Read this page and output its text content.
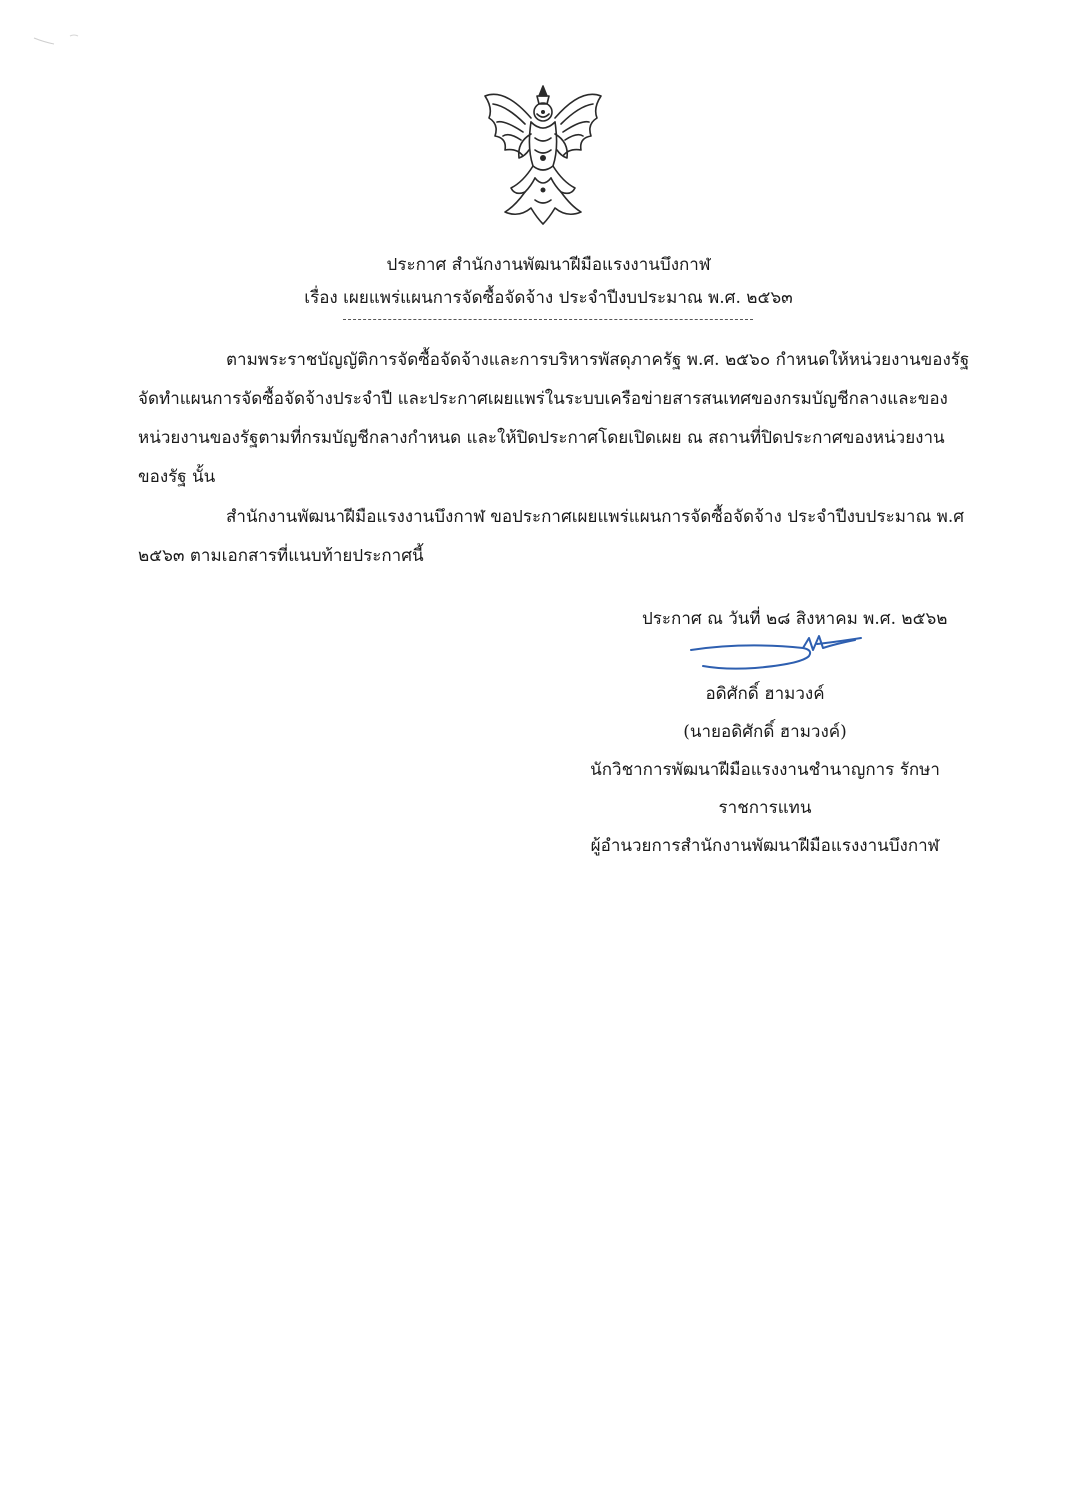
ประกาศ สำนักงานพัฒนาฝีมือแรงงานบึงกาฬ
เรื่อง เผยแพร่แผนการจัดซื้อจัดจ้าง ประจำปีงบประมาณ พ.ศ. ๒๕๖๓
ตามพระราชบัญญัติการจัดซื้อจัดจ้างและการบริหารพัสดุภาครัฐ พ.ศ. ๒๕๖๐ กำหนดให้หน่วยงานของรัฐ
จัดทำแผนการจัดซื้อจัดจ้างประจำปี และประกาศเผยแพร่ในระบบเครือข่ายสารสนเทศของกรมบัญชีกลางและของ
หน่วยงานของรัฐตามที่กรมบัญชีกลางกำหนด และให้ปิดประกาศโดยเปิดเผย ณ สถานที่ปิดประกาศของหน่วยงาน
ของรัฐ นั้น
สำนักงานพัฒนาฝีมือแรงงานบึงกาฬ ขอประกาศเผยแพร่แผนการจัดซื้อจัดจ้าง ประจำปีงบประมาณ พ.ศ
๒๕๖๓ ตามเอกสารที่แนบท้ายประกาศนี้
ประกาศ ณ วันที่ ๒๘ สิงหาคม พ.ศ. ๒๕๖๒
อดิศักดิ์ ฮามวงค์
(นายอดิศักดิ์ ฮามวงค์)
นักวิชาการพัฒนาฝีมือแรงงานชำนาญการ รักษา
ราชการแทน
ผู้อำนวยการสำนักงานพัฒนาฝีมือแรงงานบึงกาฬ
